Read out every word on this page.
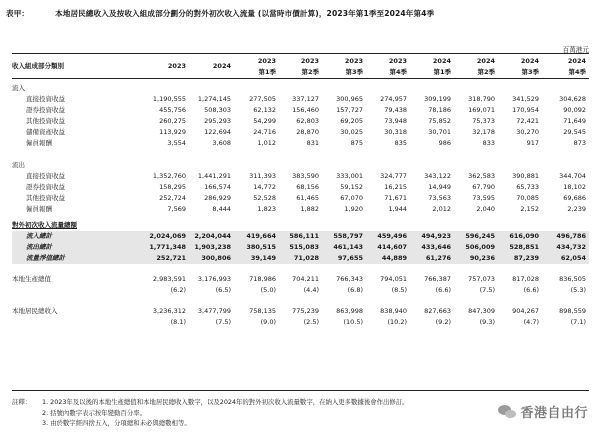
表甲：	本地居民總收入及按收入組成部分劃分的對外初次收入流量 (以當時市價計算)，2023年第1季至2024年第4季
百萬港元
收入組成部分類別	2023	2024	2023	2023	2023	2023	2024	2024	2024	2024
			第1季	第2季	第3季	第4季	第1季	第2季	第3季	第4季

流入										
直接投資收益	1,190,555	1,274,145	277,505	337,127	300,965	274,957	309,199	318,790	341,529	304,628
證券投資收益	455,756	508,303	62,132	156,460	157,727	79,438	78,186	169,071	170,954	90,092
其他投資收益	260,275	295,293	54,299	62,803	69,205	73,948	75,852	75,373	72,421	71,649
儲備資產收益	113,929	122,694	24,716	28,870	30,025	30,318	30,701	32,178	30,270	29,545
僱員報酬	3,554	3,608	1,012	831	875	835	986	833	917	873

流出										
直接投資收益	1,352,760	1,441,291	311,393	383,590	333,001	324,777	343,122	362,583	390,881	344,704
證券投資收益	158,295	166,574	14,772	68,156	59,152	16,215	14,949	67,790	65,733	18,102
其他投資收益	252,724	286,929	52,528	61,465	67,070	71,671	73,563	73,595	70,085	69,686
僱員報酬	7,569	8,444	1,823	1,882	1,920	1,944	2,012	2,040	2,152	2,239

對外初次收入流量總額										
流入總計	2,024,069	2,204,044	419,664	586,111	558,797	459,496	494,923	596,245	616,090	496,786
流出總計	1,771,348	1,903,238	380,515	515,083	461,143	414,607	433,646	506,009	528,851	434,732
流量淨值總計	252,721	300,806	39,149	71,028	97,655	44,889	61,276	90,236	87,239	62,054

本地生產總值	2,983,591	3,176,993	718,986	704,211	766,343	794,051	766,387	757,073	817,028	836,505
	(6.2)	(6.5)	(5.0)	(4.4)	(6.8)	(8.5)	(6.6)	(7.5)	(6.6)	(5.3)

本地居民總收入	3,236,312	3,477,799	758,135	775,239	863,998	838,940	827,663	847,309	904,267	898,559
	(8.1)	(7.5)	(9.0)	(2.5)	(10.5)	(10.2)	(9.2)	(9.3)	(4.7)	(7.1)
註釋：	1. 2023年及以後的本地生產總值和本地居民總收入數字，以及2024年的對外初次收入流量數字，在納入更多數據後會作出修訂。
2. 括號內數字表示按年變動百分率。
3. 由於數字經四捨五入，分項總和未必與總數相等。
香港自由行
